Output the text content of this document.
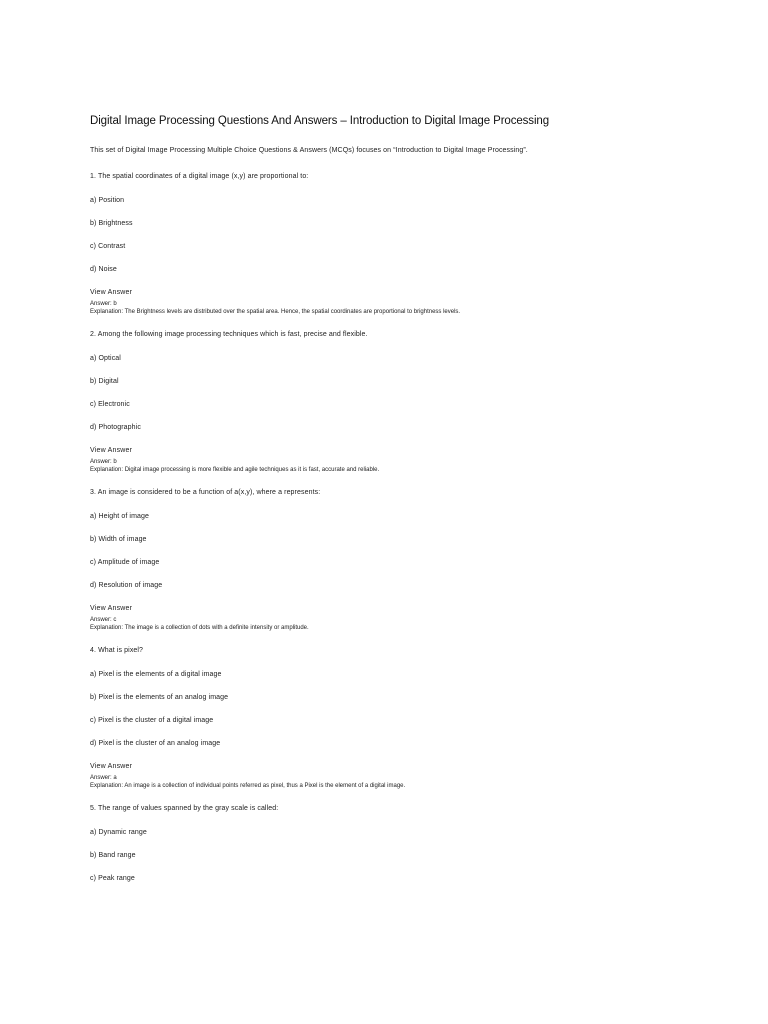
Digital Image Processing Questions And Answers – Introduction to Digital Image Processing
This set of Digital Image Processing Multiple Choice Questions & Answers (MCQs) focuses on “Introduction to Digital Image Processing”.
1. The spatial coordinates of a digital image (x,y) are proportional to:
a) Position
b) Brightness
c) Contrast
d) Noise
View Answer
Answer: b
Explanation: The Brightness levels are distributed over the spatial area. Hence, the spatial coordinates are proportional to brightness levels.
2. Among the following image processing techniques which is fast, precise and flexible.
a) Optical
b) Digital
c) Electronic
d) Photographic
View Answer
Answer: b
Explanation: Digital image processing is more flexible and agile techniques as it is fast, accurate and reliable.
3. An image is considered to be a function of a(x,y), where a represents:
a) Height of image
b) Width of image
c) Amplitude of image
d) Resolution of image
View Answer
Answer: c
Explanation: The image is a collection of dots with a definite intensity or amplitude.
4. What is pixel?
a) Pixel is the elements of a digital image
b) Pixel is the elements of an analog image
c) Pixel is the cluster of a digital image
d) Pixel is the cluster of an analog image
View Answer
Answer: a
Explanation: An image is a collection of individual points referred as pixel, thus a Pixel is the element of a digital image.
5. The range of values spanned by the gray scale is called:
a) Dynamic range
b) Band range
c) Peak range
